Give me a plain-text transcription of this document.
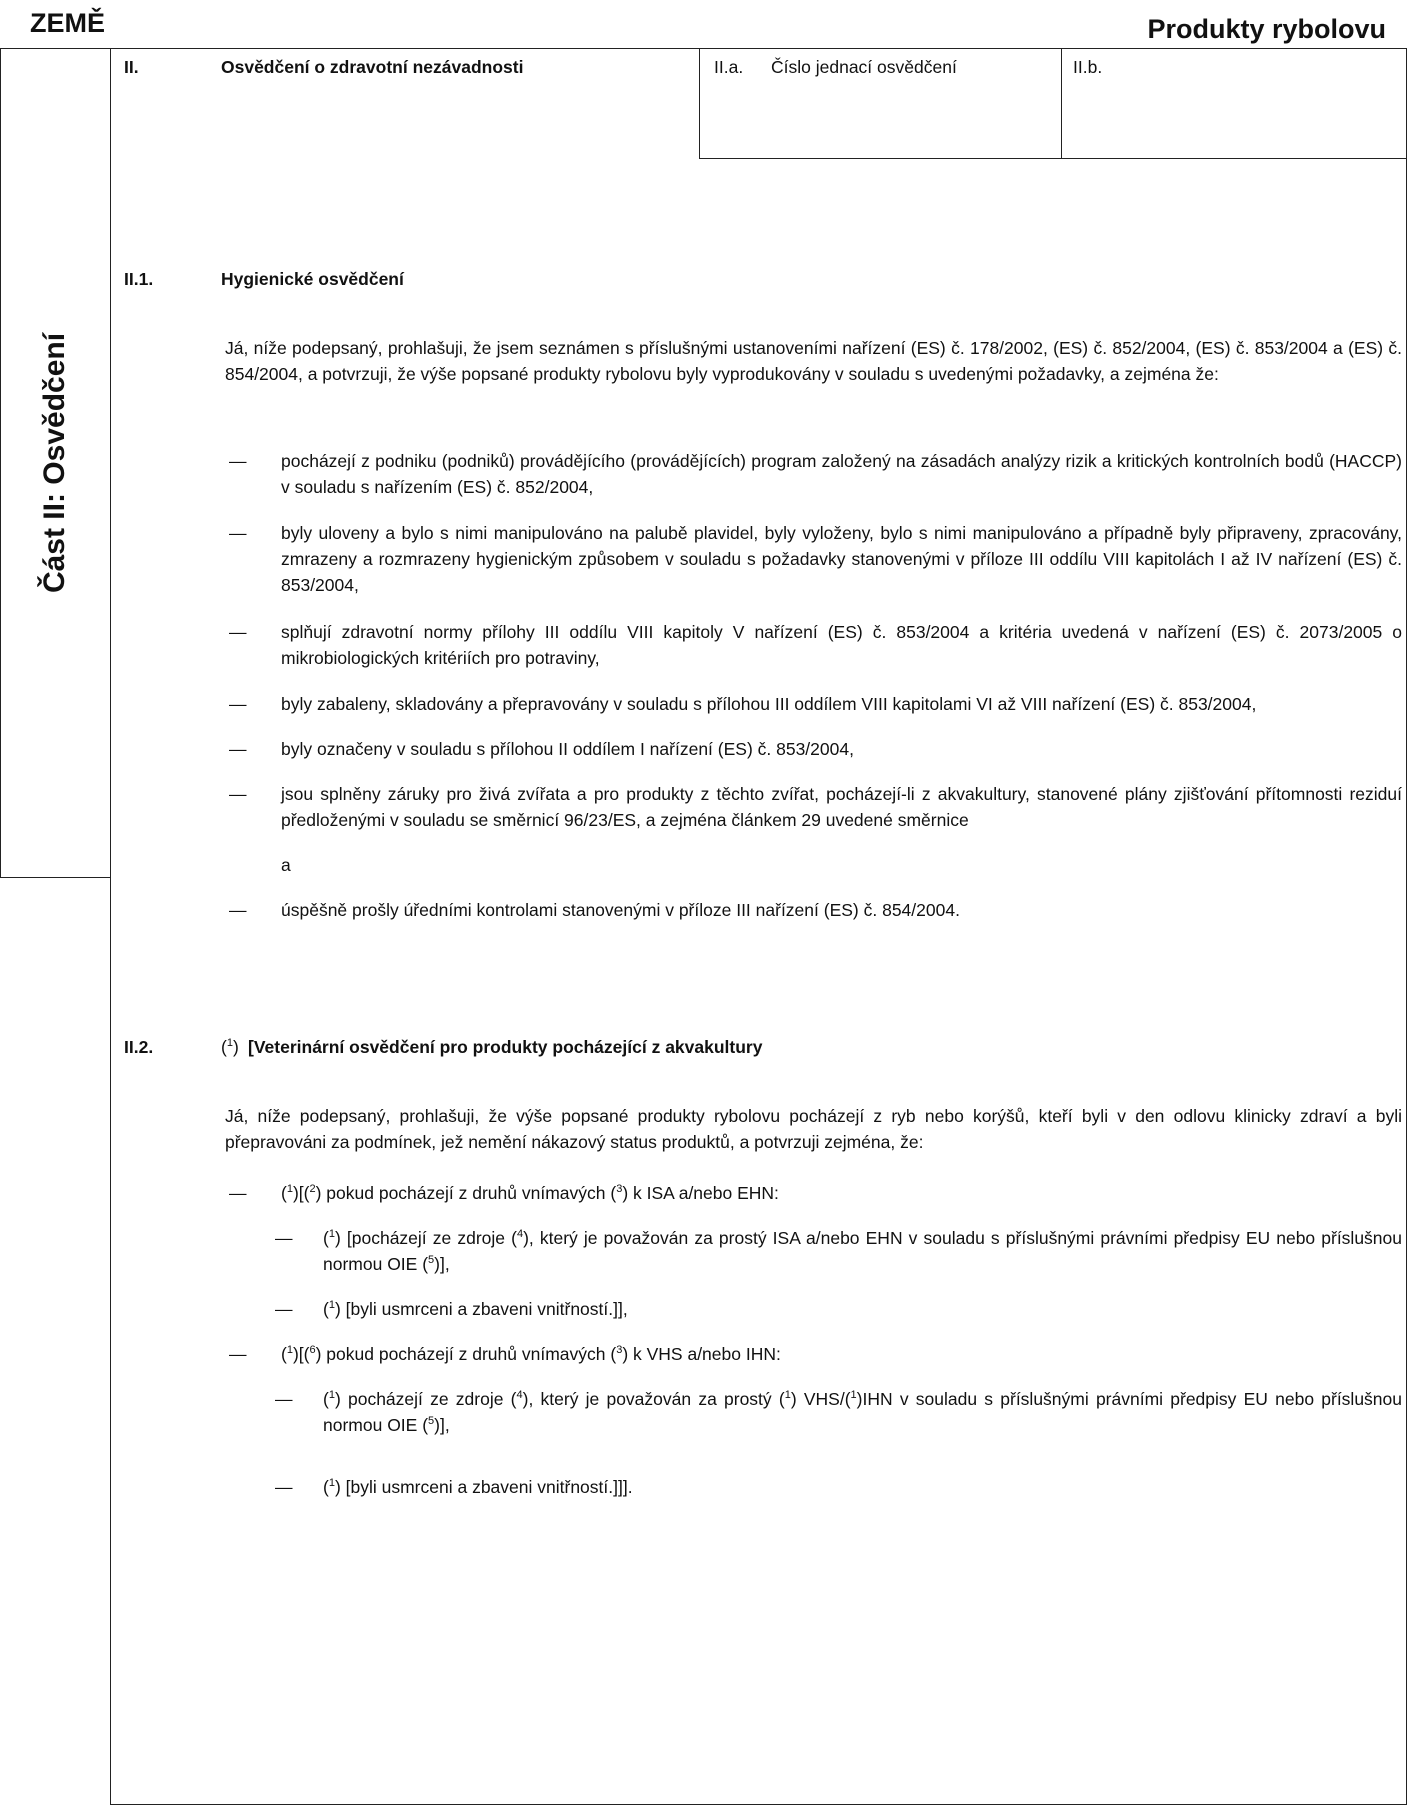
ZEMĚ	Produkty rybolovu
Část II: Osvědčení
II.	Osvědčení o zdravotní nezávadnosti	II.a. Číslo jednací osvědčení	II.b.
II.1.	Hygienické osvědčení
Já, níže podepsaný, prohlašuji, že jsem seznámen s příslušnými ustanoveními nařízení (ES) č. 178/2002, (ES) č. 852/2004, (ES) č. 853/2004 a (ES) č. 854/2004, a potvrzuji, že výše popsané produkty rybolovu byly vyprodukovány v souladu s uvedenými požadavky, a zejména že:
— pocházejí z podniku (podniků) provádějícího (provádějících) program založený na zásadách analýzy rizik a kritických kontrolních bodů (HACCP) v souladu s nařízením (ES) č. 852/2004,
— byly uloveny a bylo s nimi manipulováno na palubě plavidel, byly vyloženy, bylo s nimi manipulováno a případně byly připraveny, zpracovány, zmrazeny a rozmrazeny hygienickým způsobem v souladu s požadavky stanovenými v příloze III oddílu VIII kapitolách I až IV nařízení (ES) č. 853/2004,
— splňují zdravotní normy přílohy III oddílu VIII kapitoly V nařízení (ES) č. 853/2004 a kritéria uvedená v nařízení (ES) č. 2073/2005 o mikrobiologických kritériích pro potraviny,
— byly zabaleny, skladovány a přepravovány v souladu s přílohou III oddílem VIII kapitolami VI až VIII nařízení (ES) č. 853/2004,
— byly označeny v souladu s přílohou II oddílem I nařízení (ES) č. 853/2004,
— jsou splněny záruky pro živá zvířata a pro produkty z těchto zvířat, pocházejí-li z akvakultury, stanovené plány zjišťování přítomnosti reziduí předloženými v souladu se směrnicí 96/23/ES, a zejména článkem 29 uvedené směrnice
a
— úspěšně prošly úředními kontrolami stanovenými v příloze III nařízení (ES) č. 854/2004.
II.2.	($^1$) [Veterinární osvědčení pro produkty pocházející z akvakultury
Já, níže podepsaný, prohlašuji, že výše popsané produkty rybolovu pocházejí z ryb nebo korýšů, kteří byli v den odlovu klinicky zdraví a byli přepravováni za podmínek, jež nemění nákazový status produktů, a potvrzuji zejména, že:
— ($^1$)[($^2$) pokud pocházejí z druhů vnímavých ($^3$) k ISA a/nebo EHN:
— ($^1$) [pocházejí ze zdroje ($^4$), který je považován za prostý ISA a/nebo EHN v souladu s příslušnými právními předpisy EU nebo příslušnou normou OIE ($^5$)],
— ($^1$) [byli usmrceni a zbaveni vnitřností.]],
— ($^1$)[($^6$) pokud pocházejí z druhů vnímavých ($^3$) k VHS a/nebo IHN:
— ($^1$) pocházejí ze zdroje ($^4$), který je považován za prostý ($^1$) VHS/($^1$)IHN v souladu s příslušnými právními předpisy EU nebo příslušnou normou OIE ($^5$)],
— ($^1$) [byli usmrceni a zbaveni vnitřností.]]].
